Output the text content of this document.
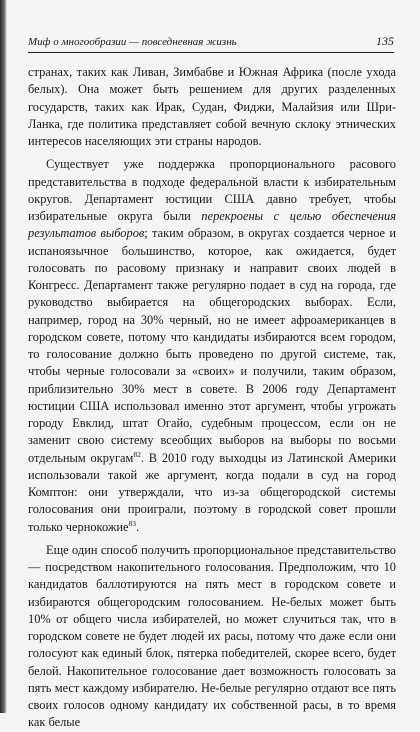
Миф о многообразии — повседневная жизнь	135

странах, таких как Ливан, Зимбабве и Южная Африка (после ухода белых). Она может быть решением для других разделенных государств, таких как Ирак, Судан, Фиджи, Малайзия или Шри-Ланка, где политика представляет собой вечную склоку этнических интересов населяющих эти страны народов.

Существует уже поддержка пропорционального расового представительства в подходе федеральной власти к избирательным округов. Департамент юстиции США давно требует, чтобы избирательные округа были перекроены с целью обеспечения результатов выборов; таким образом, в округах создается черное и испаноязычное большинство, которое, как ожидается, будет голосовать по расовому признаку и направит своих людей в Конгресс. Департамент также регулярно подает в суд на города, где руководство выбирается на общегородских выборах. Если, например, город на 30% черный, но не имеет афроамериканцев в городском совете, потому что кандидаты избираются всем городом, то голосование должно быть проведено по другой системе, так, чтобы черные голосовали за «своих» и получили, таким образом, приблизительно 30% мест в совете. В 2006 году Департамент юстиции США использовал именно этот аргумент, чтобы угрожать городу Евклид, штат Огайо, судебным процессом, если он не заменит свою систему всеобщих выборов на выборы по восьми отдельным округам$^{82}$. В 2010 году выходцы из Латинской Америки использовали такой же аргумент, когда подали в суд на город Комптон: они утверждали, что из-за общегородской системы голосования они проиграли, поэтому в городской совет прошли только чернокожие$^{83}$.

Еще один способ получить пропорциональное представительство — посредством накопительного голосования. Предположим, что 10 кандидатов баллотируются на пять мест в городском совете и избираются общегородским голосованием. Не-белых может быть 10% от общего числа избирателей, но может случиться так, что в городском совете не будет людей их расы, потому что даже если они голосуют как единый блок, пятерка победителей, скорее всего, будет белой. Накопительное голосование дает возможность голосовать за пять мест каждому избирателю. Не-белые регулярно отдают все пять своих голосов одному кандидату их собственной расы, в то время как белые
